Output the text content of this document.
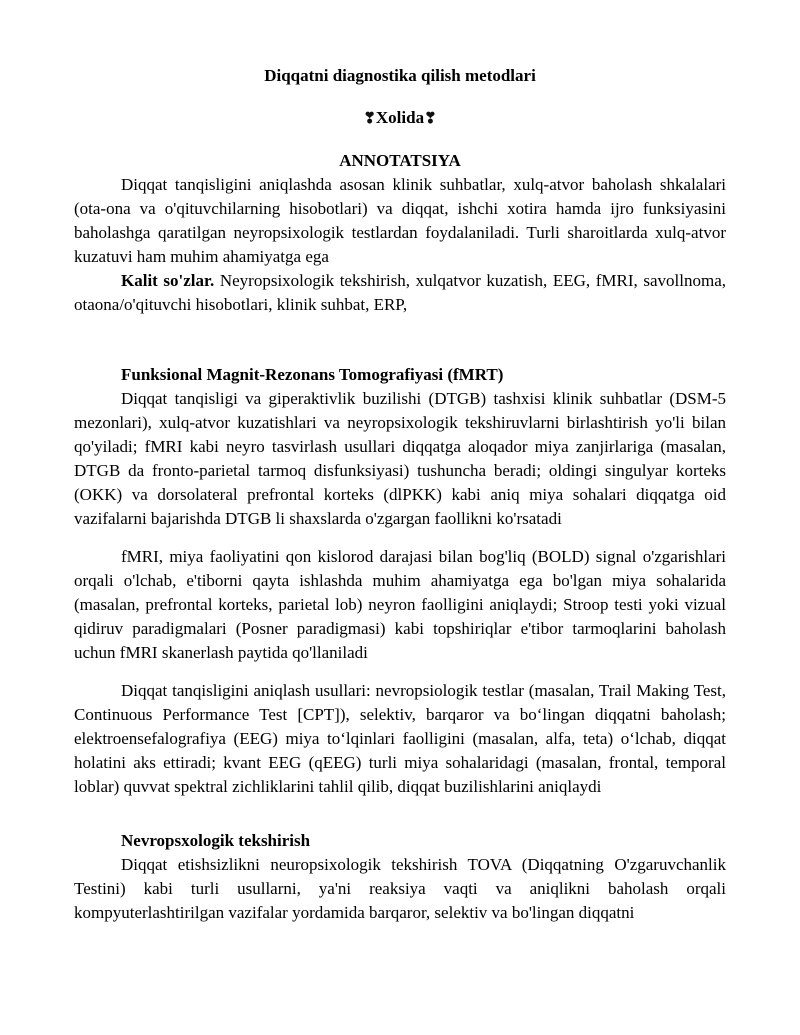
Diqqatni diagnostika qilish metodlari
❣Xolida❣
ANNOTATSIYA

Diqqat tanqisligini aniqlashda asosan klinik suhbatlar, xulq-atvor baholash shkalalari (ota-ona va o'qituvchilarning hisobotlari) va diqqat, ishchi xotira hamda ijro funksiyasini baholashga qaratilgan neyropsixologik testlardan foydalaniladi. Turli sharoitlarda xulq-atvor kuzatuvi ham muhim ahamiyatga ega

Kalit so'zlar. Neyropsixologik tekshirish, xulqatvor kuzatish, EEG, fMRI, savollnoma, otaona/o'qituvchi hisobotlari, klinik suhbat, ERP,

Funksional Magnit-Rezonans Tomografiyasi (fMRT)

Diqqat tanqisligi va giperaktivlik buzilishi (DTGB) tashxisi klinik suhbatlar (DSM-5 mezonlari), xulq-atvor kuzatishlari va neyropsixologik tekshiruvlarni birlashtirish yo'li bilan qo'yiladi; fMRI kabi neyro tasvirlash usullari diqqatga aloqador miya zanjirlariga (masalan, DTGB da fronto-parietal tarmoq disfunksiyasi) tushuncha beradi; oldingi singulyar korteks (OKK) va dorsolateral prefrontal korteks (dlPKK) kabi aniq miya sohalari diqqatga oid vazifalarni bajarishda DTGB li shaxslarda o'zgargan faollikni ko'rsatadi

fMRI, miya faoliyatini qon kislorod darajasi bilan bog'liq (BOLD) signal o'zgarishlari orqali o'lchab, e'tiborni qayta ishlashda muhim ahamiyatga ega bo'lgan miya sohalarida (masalan, prefrontal korteks, parietal lob) neyron faolligini aniqlaydi; Stroop testi yoki vizual qidiruv paradigmalari (Posner paradigmasi) kabi topshiriqlar e'tibor tarmoqlarini baholash uchun fMRI skanerlash paytida qo'llaniladi

Diqqat tanqisligini aniqlash usullari: nevropsiologik testlar (masalan, Trail Making Test, Continuous Performance Test [CPT]), selektiv, barqaror va bo‘lingan diqqatni baholash; elektroensefalografiya (EEG) miya to‘lqinlari faolligini (masalan, alfa, teta) o‘lchab, diqqat holatini aks ettiradi; kvant EEG (qEEG) turli miya sohalaridagi (masalan, frontal, temporal loblar) quvvat spektral zichliklarini tahlil qilib, diqqat buzilishlarini aniqlaydi

Nevropsxologik tekshirish

Diqqat etishsizlikni neuropsixologik tekshirish TOVA (Diqqatning O'zgaruvchanlik Testini) kabi turli usullarni, ya'ni reaksiya vaqti va aniqlikni baholash orqali kompyuterlashtirilgan vazifalar yordamida barqaror, selektiv va bo'lingan diqqatni
